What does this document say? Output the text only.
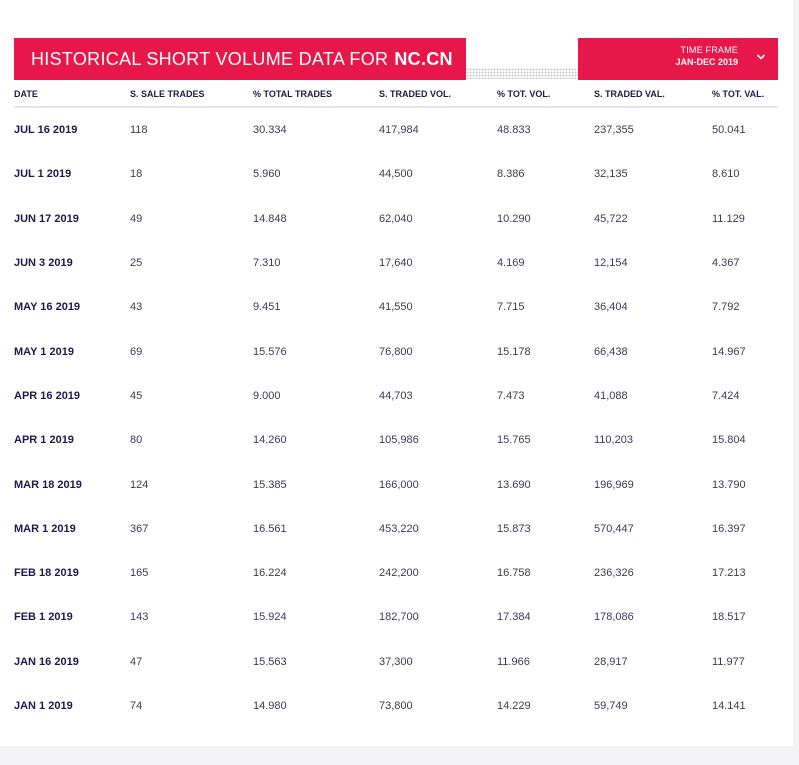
HISTORICAL SHORT VOLUME DATA FOR NC.CN	TIME FRAME
JAN-DEC 2019
DATE	S. SALE TRADES	% TOTAL TRADES	S. TRADED VOL.	% TOT. VOL.	S. TRADED VAL.	% TOT. VAL.
JUL 16 2019	118	30.334	417,984	48.833	237,355	50.041
JUL 1 2019	18	5.960	44,500	8.386	32,135	8.610
JUN 17 2019	49	14.848	62,040	10.290	45,722	11.129
JUN 3 2019	25	7.310	17,640	4.169	12,154	4.367
MAY 16 2019	43	9.451	41,550	7.715	36,404	7.792
MAY 1 2019	69	15.576	76,800	15.178	66,438	14.967
APR 16 2019	45	9.000	44,703	7.473	41,088	7.424
APR 1 2019	80	14.260	105,986	15.765	110,203	15.804
MAR 18 2019	124	15.385	166,000	13.690	196,969	13.790
MAR 1 2019	367	16.561	453,220	15.873	570,447	16.397
FEB 18 2019	165	16.224	242,200	16.758	236,326	17.213
FEB 1 2019	143	15.924	182,700	17.384	178,086	18.517
JAN 16 2019	47	15.563	37,300	11.966	28,917	11.977
JAN 1 2019	74	14.980	73,800	14.229	59,749	14.141
